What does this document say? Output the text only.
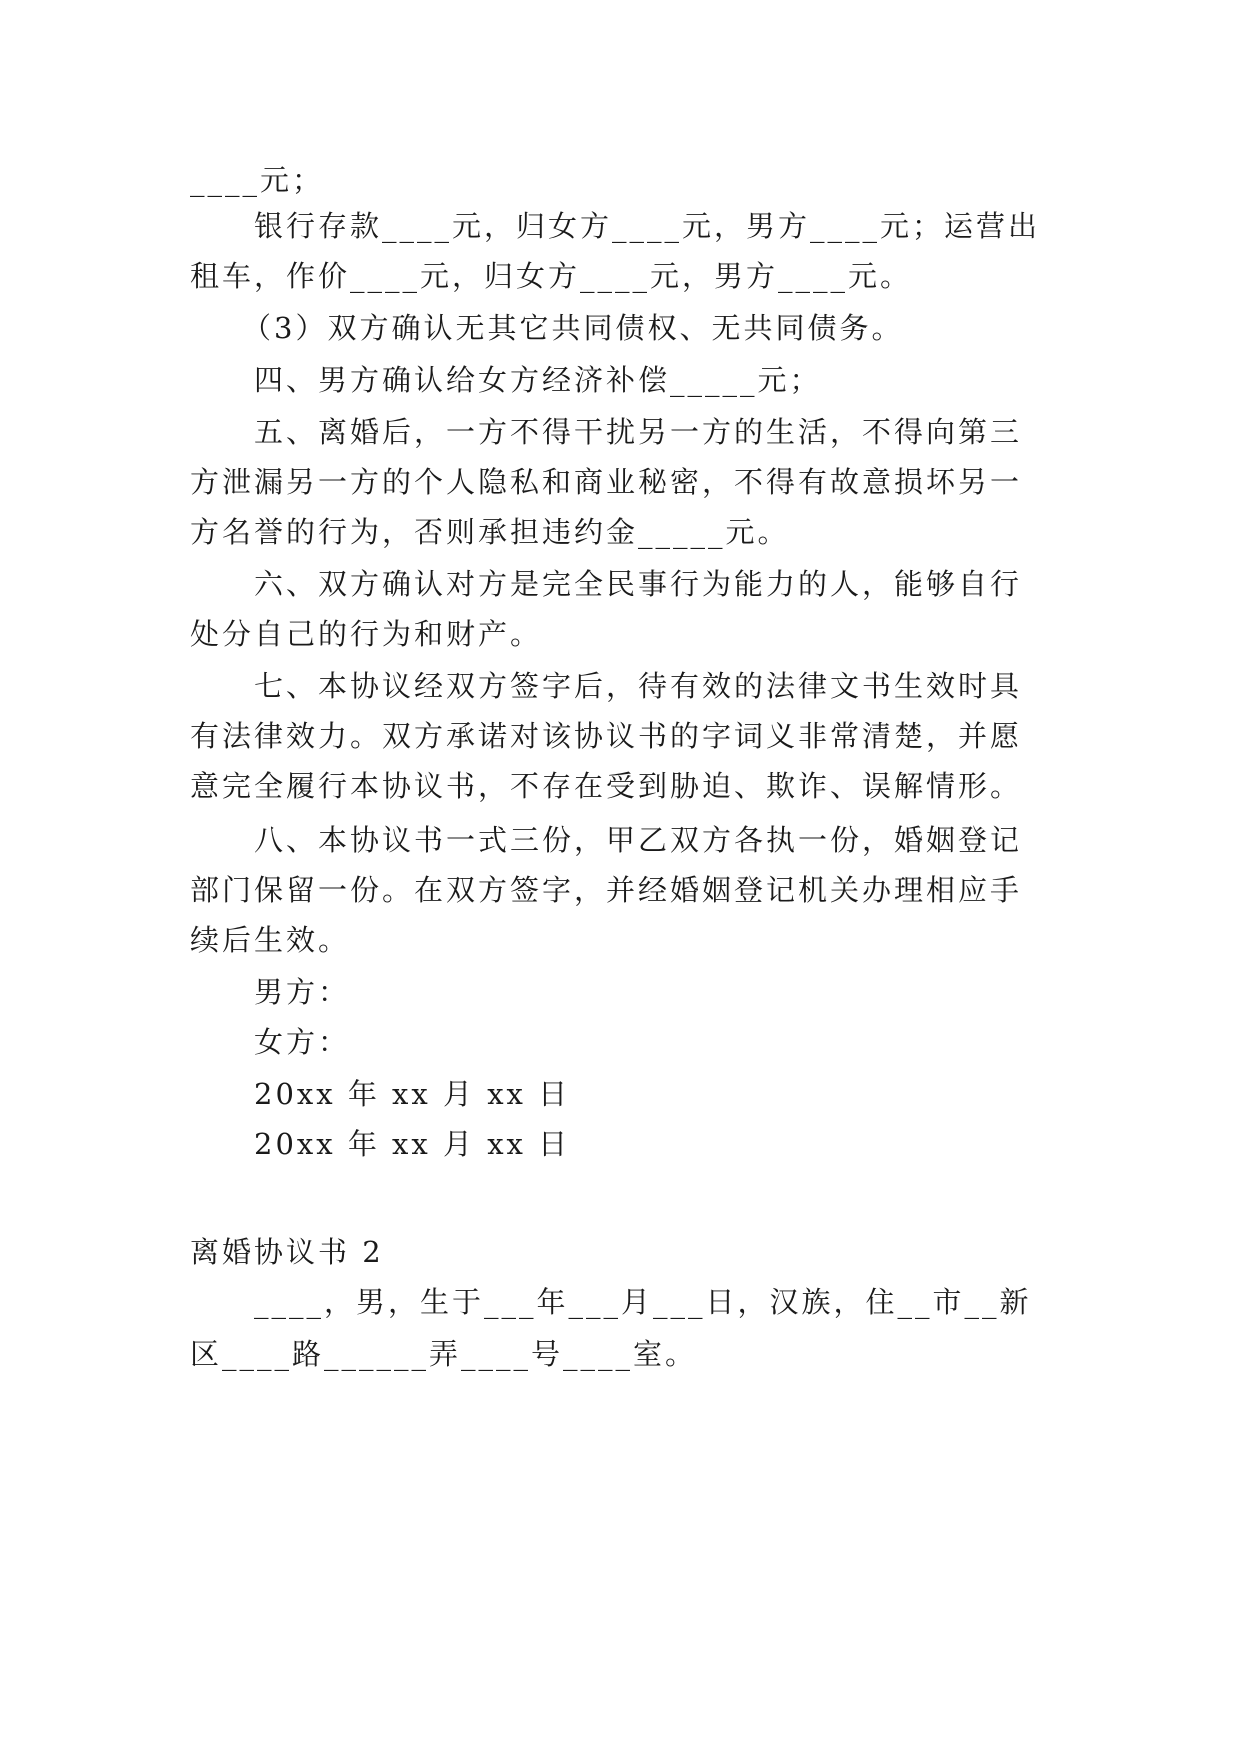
____元；
银行存款____元，归女方____元，男方____元；运营出
租车，作价____元，归女方____元，男方____元。
（3）双方确认无其它共同债权、无共同债务。
四、男方确认给女方经济补偿_____元；
五、离婚后，一方不得干扰另一方的生活，不得向第三
方泄漏另一方的个人隐私和商业秘密，不得有故意损坏另一
方名誉的行为，否则承担违约金_____元。
六、双方确认对方是完全民事行为能力的人，能够自行
处分自己的行为和财产。
七、本协议经双方签字后，待有效的法律文书生效时具
有法律效力。双方承诺对该协议书的字词义非常清楚，并愿
意完全履行本协议书，不存在受到胁迫、欺诈、误解情形。
八、本协议书一式三份，甲乙双方各执一份，婚姻登记
部门保留一份。在双方签字，并经婚姻登记机关办理相应手
续后生效。
男方：
女方：
20xx 年 xx 月 xx 日
20xx 年 xx 月 xx 日
离婚协议书 2
____，男，生于___年___月___日，汉族，住__市__新
区____路______弄____号____室。
